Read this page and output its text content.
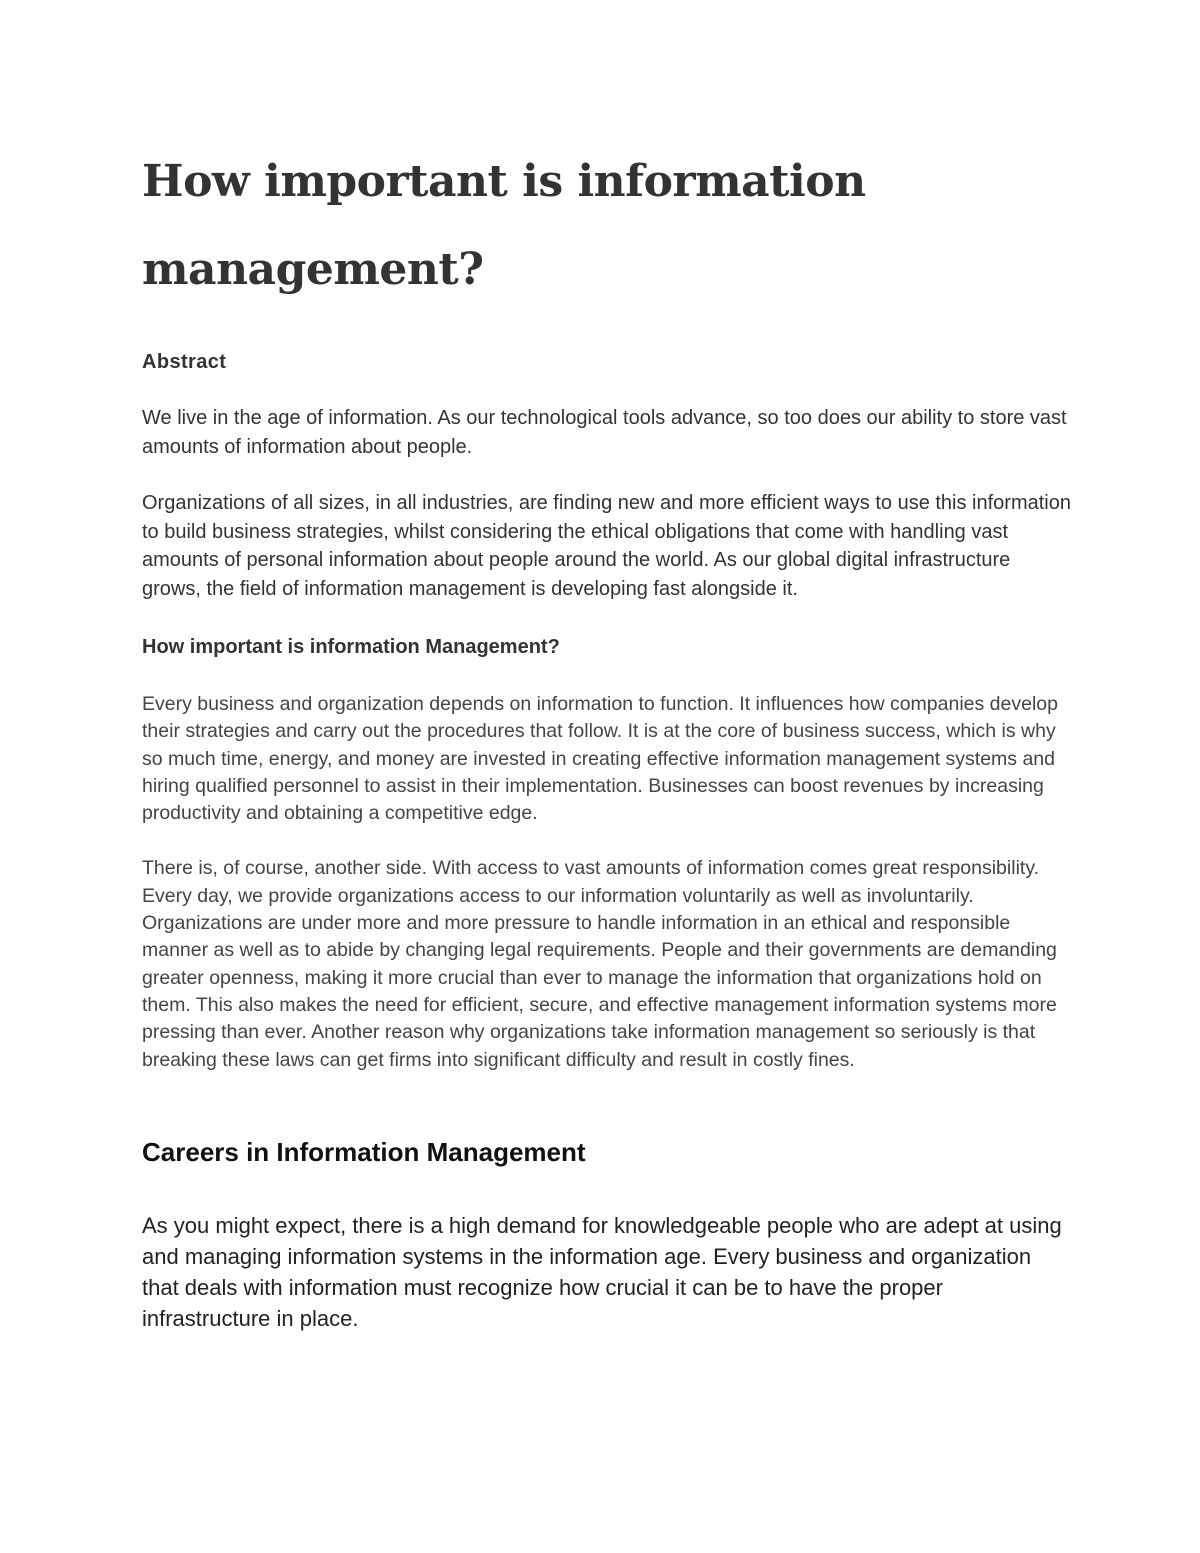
How important is information management?
Abstract

We live in the age of information. As our technological tools advance, so too does our ability to store vast amounts of information about people.

Organizations of all sizes, in all industries, are finding new and more efficient ways to use this information to build business strategies, whilst considering the ethical obligations that come with handling vast amounts of personal information about people around the world. As our global digital infrastructure grows, the field of information management is developing fast alongside it.

How important is information Management?

Every business and organization depends on information to function. It influences how companies develop their strategies and carry out the procedures that follow. It is at the core of business success, which is why so much time, energy, and money are invested in creating effective information management systems and hiring qualified personnel to assist in their implementation. Businesses can boost revenues by increasing productivity and obtaining a competitive edge.

There is, of course, another side. With access to vast amounts of information comes great responsibility. Every day, we provide organizations access to our information voluntarily as well as involuntarily. Organizations are under more and more pressure to handle information in an ethical and responsible manner as well as to abide by changing legal requirements. People and their governments are demanding greater openness, making it more crucial than ever to manage the information that organizations hold on them. This also makes the need for efficient, secure, and effective management information systems more pressing than ever. Another reason why organizations take information management so seriously is that breaking these laws can get firms into significant difficulty and result in costly fines.

Careers in Information Management

As you might expect, there is a high demand for knowledgeable people who are adept at using and managing information systems in the information age. Every business and organization that deals with information must recognize how crucial it can be to have the proper infrastructure in place.
